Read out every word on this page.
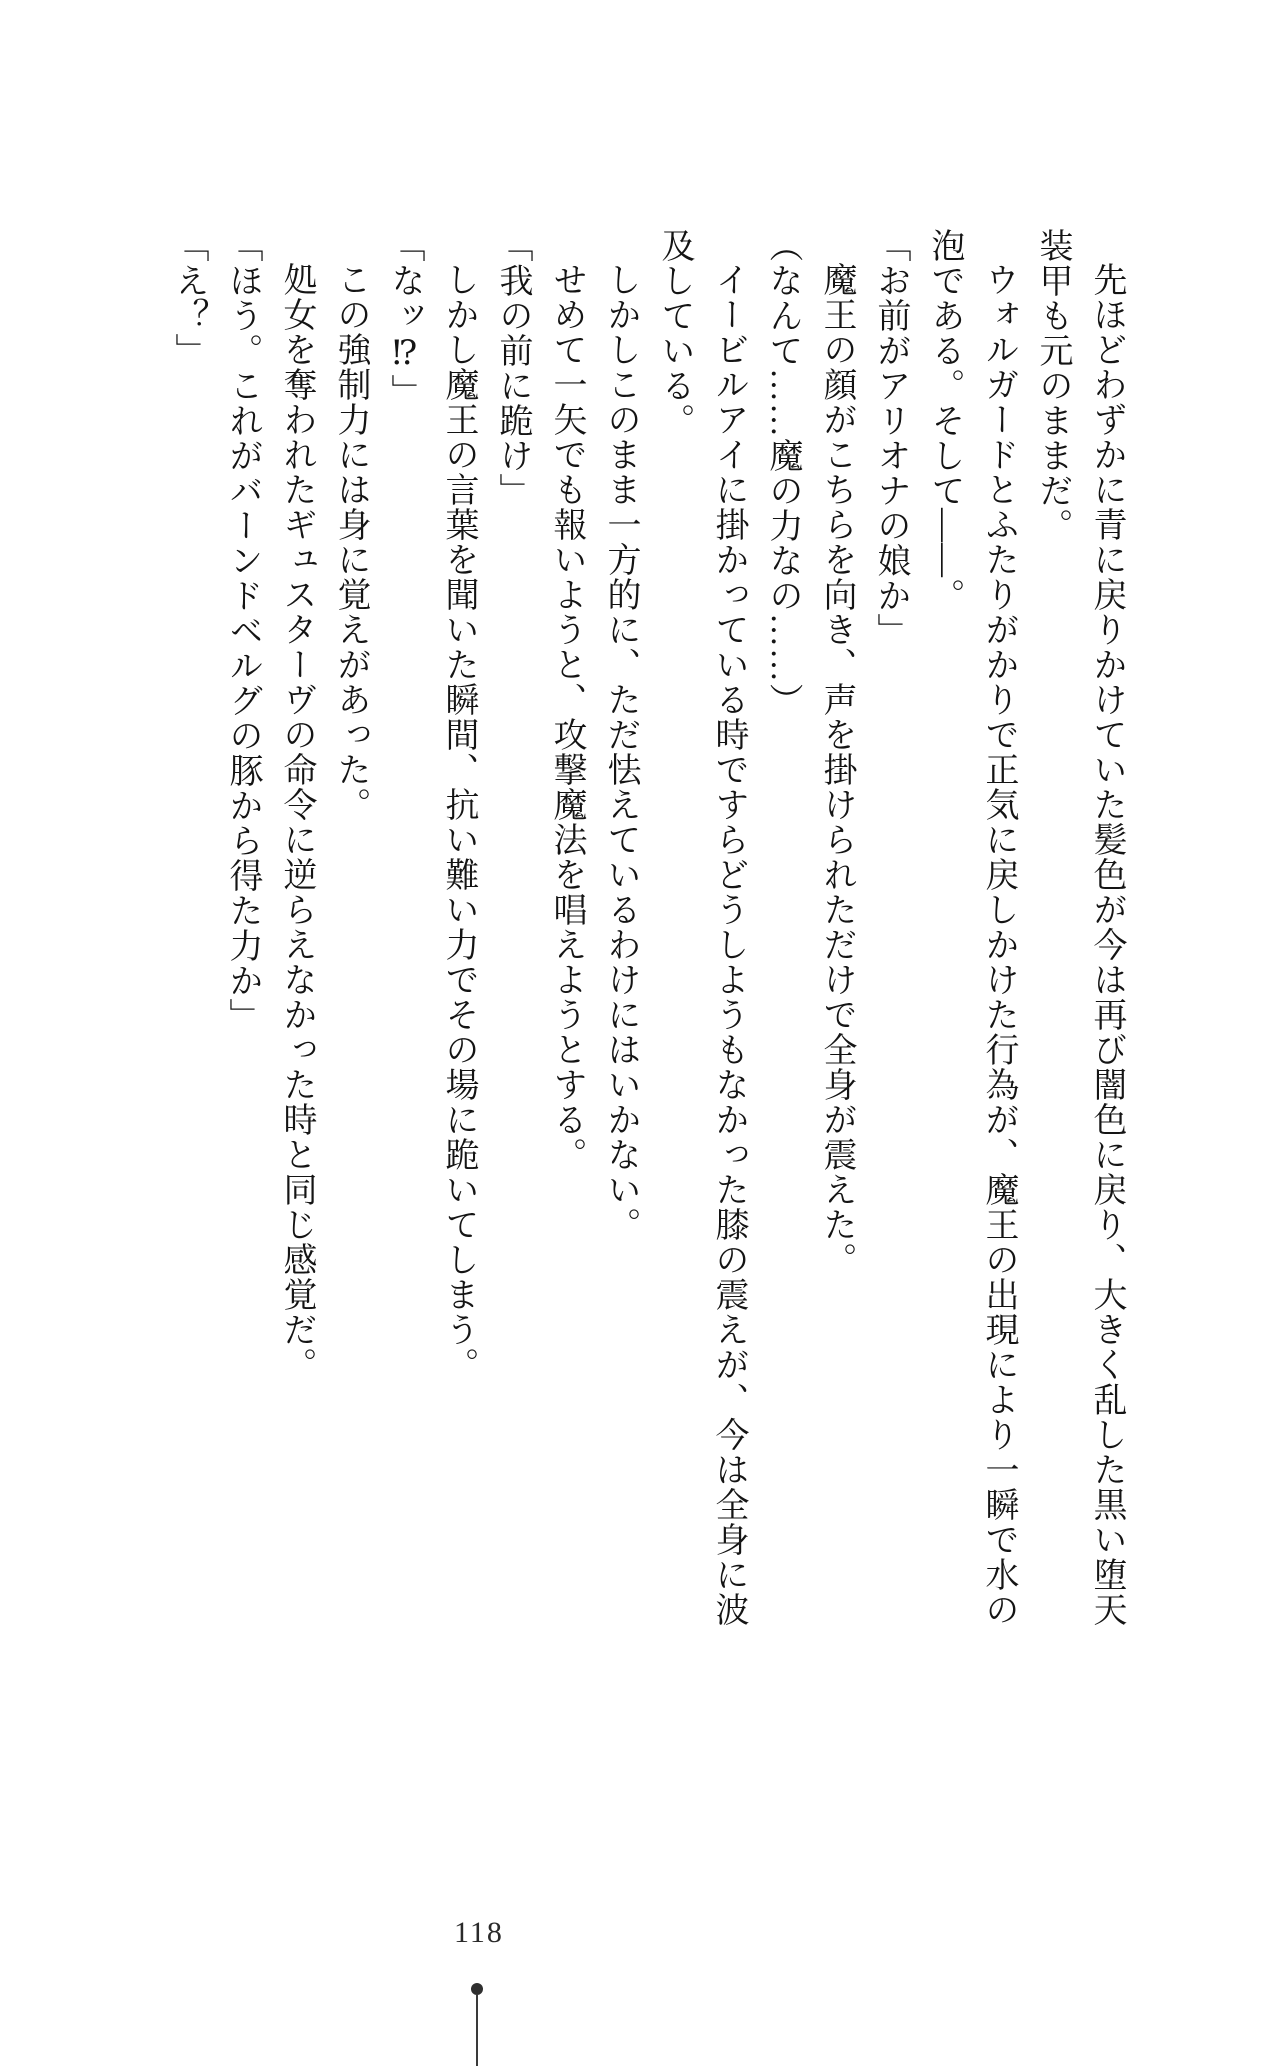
先ほどわずかに青に戻りかけていた髪色が今は再び闇色に戻り、大きく乱した黒い堕天装甲も元のままだ。

ウォルガードとふたりがかりで正気に戻しかけた行為が、魔王の出現により一瞬で水の泡である。そして――。

「お前がアリオナの娘か」

魔王の顔がこちらを向き、声を掛けられただけで全身が震えた。

（なんて……魔の力なの……）

イービルアイに掛かっている時ですらどうしようもなかった膝の震えが、今は全身に波及している。

しかしこのまま一方的に、ただ怯えているわけにはいかない。

せめて一矢でも報いようと、攻撃魔法を唱えようとする。

「我の前に跪け」

しかし魔王の言葉を聞いた瞬間、抗い難い力でその場に跪いてしまう。

「なッ⁉」

この強制力には身に覚えがあった。

処女を奪われたギュスターヴの命令に逆らえなかった時と同じ感覚だ。

「ほう。これがバーンドベルグの豚から得た力か」

「え？」

118
